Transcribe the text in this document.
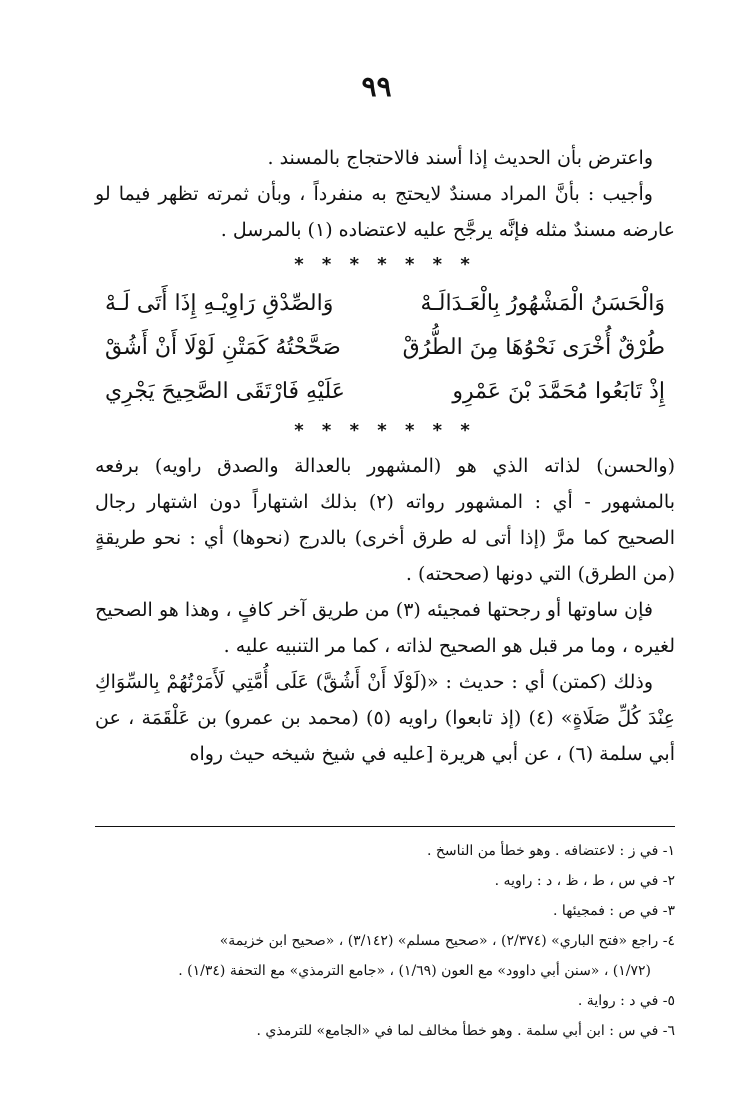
٩٩

واعترض بأن الحديث إذا أسند فالاحتجاج بالمسند .

وأجيب : بأنَّ المراد مسندٌ لايحتج به منفرداً ، وبأن ثمرته تظهر فيما لو عارضه مسندٌ مثله فإنَّه يرجَّح عليه لاعتضاده (١) بالمرسل .

* * * * * * *
وَالْحَسَنُ الْمَشْهُورُ بِالْعَـدَالَـهْ
وَالصِّدْقِ رَاوِيْـهِ إِذَا أَتَى لَـهْ
طُرْقٌ أُخْرَى نَحْوُهَا مِنَ الطُّرُقْ
صَحَّحْتُهُ كَمَتْنِ لَوْلَا أَنْ أَشُقْ
إِذْ تَابَعُوا مُحَمَّدَ بْنَ عَمْرِو
عَلَيْهِ فَارْتَقَى الصَّحِيحَ يَجْرِي
* * * * * * *

(والحسن) لذاته الذي هو (المشهور بالعدالة والصدق راويه) برفعه بالمشهور - أي : المشهور رواته (٢) بذلك اشتهاراً دون اشتهار رجال الصحيح كما مرَّ (إذا أتى له طرق أخرى) بالدرج (نحوها) أي : نحو طريقةٍ (من الطرق) التي دونها (صححته) .

فإن ساوتها أو رجحتها فمجيئه (٣) من طريق آخر كافٍ ، وهذا هو الصحيح لغيره ، وما مر قبل هو الصحيح لذاته ، كما مر التنبيه عليه .

وذلك (كمتن) أي : حديث : «(لَوْلَا أَنْ أَشُقَّ) عَلَى أُمَّتِي لَأَمَرْتُهُمْ بِالسِّوَاكِ عِنْدَ كُلِّ صَلَاةٍ» (٤) (إذ تابعوا) راويه (٥) (محمد بن عمرو) بن عَلْقَمَة ، عن أبي سلمة (٦) ، عن أبي هريرة [عليه في شيخ شيخه حيث رواه

١- في ز : لاعتضافه . وهو خطأ من الناسخ .

٢- في س ، ط ، ظ ، د : راويه .

٣- في ص : فمجيئها .

٤- راجع «فتح الباري» (٢/٣٧٤) ، «صحيح مسلم» (٣/١٤٢) ، «صحيح ابن خزيمة»

(١/٧٢) ، «سنن أبي داوود» مع العون (١/٦٩) ، «جامع الترمذي» مع التحفة (١/٣٤) .

٥- في د : رواية .

٦- في س : ابن أبي سلمة . وهو خطأ مخالف لما في «الجامع» للترمذي .
